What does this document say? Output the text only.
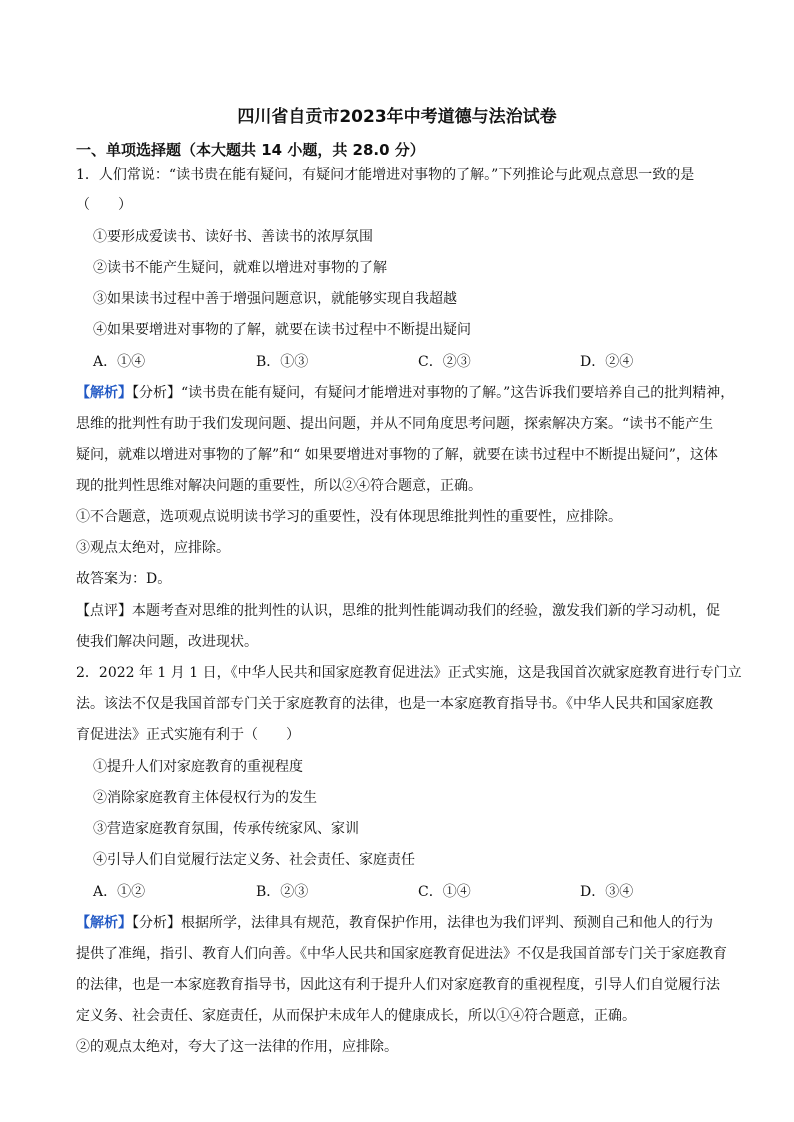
四川省自贡市2023年中考道德与法治试卷
一、单项选择题（本大题共 14 小题，共 28.0 分）
1．人们常说：“读书贵在能有疑问，有疑问才能增进对事物的了解。”下列推论与此观点意思一致的是
（　　）
①要形成爱读书、读好书、善读书的浓厚氛围
②读书不能产生疑问，就难以增进对事物的了解
③如果读书过程中善于增强问题意识，就能够实现自我超越
④如果要增进对事物的了解，就要在读书过程中不断提出疑问
A．①④	B．①③	C．②③	D．②④
【解析】【分析】“读书贵在能有疑问，有疑问才能增进对事物的了解。”这告诉我们要培养自己的批判精神，
思维的批判性有助于我们发现问题、提出问题，并从不同角度思考问题，探索解决方案。“读书不能产生
疑问，就难以增进对事物的了解”和“ 如果要增进对事物的了解，就要在读书过程中不断提出疑问”，这体
现的批判性思维对解决问题的重要性，所以②④符合题意，正确。
①不合题意，选项观点说明读书学习的重要性，没有体现思维批判性的重要性，应排除。
③观点太绝对，应排除。
故答案为：D。
【点评】本题考查对思维的批判性的认识，思维的批判性能调动我们的经验，激发我们新的学习动机，促
使我们解决问题，改进现状。
2．2022 年 1 月 1 日，《中华人民共和国家庭教育促进法》正式实施，这是我国首次就家庭教育进行专门立
法。该法不仅是我国首部专门关于家庭教育的法律，也是一本家庭教育指导书。《中华人民共和国家庭教
育促进法》正式实施有利于（　　）
①提升人们对家庭教育的重视程度
②消除家庭教育主体侵权行为的发生
③营造家庭教育氛围，传承传统家风、家训
④引导人们自觉履行法定义务、社会责任、家庭责任
A．①②	B．②③	C．①④	D．③④
【解析】【分析】根据所学，法律具有规范，教育保护作用，法律也为我们评判、预测自己和他人的行为
提供了准绳，指引、教育人们向善。《中华人民共和国家庭教育促进法》不仅是我国首部专门关于家庭教育
的法律，也是一本家庭教育指导书，因此这有利于提升人们对家庭教育的重视程度，引导人们自觉履行法
定义务、社会责任、家庭责任，从而保护未成年人的健康成长，所以①④符合题意，正确。
②的观点太绝对，夸大了这一法律的作用，应排除。
